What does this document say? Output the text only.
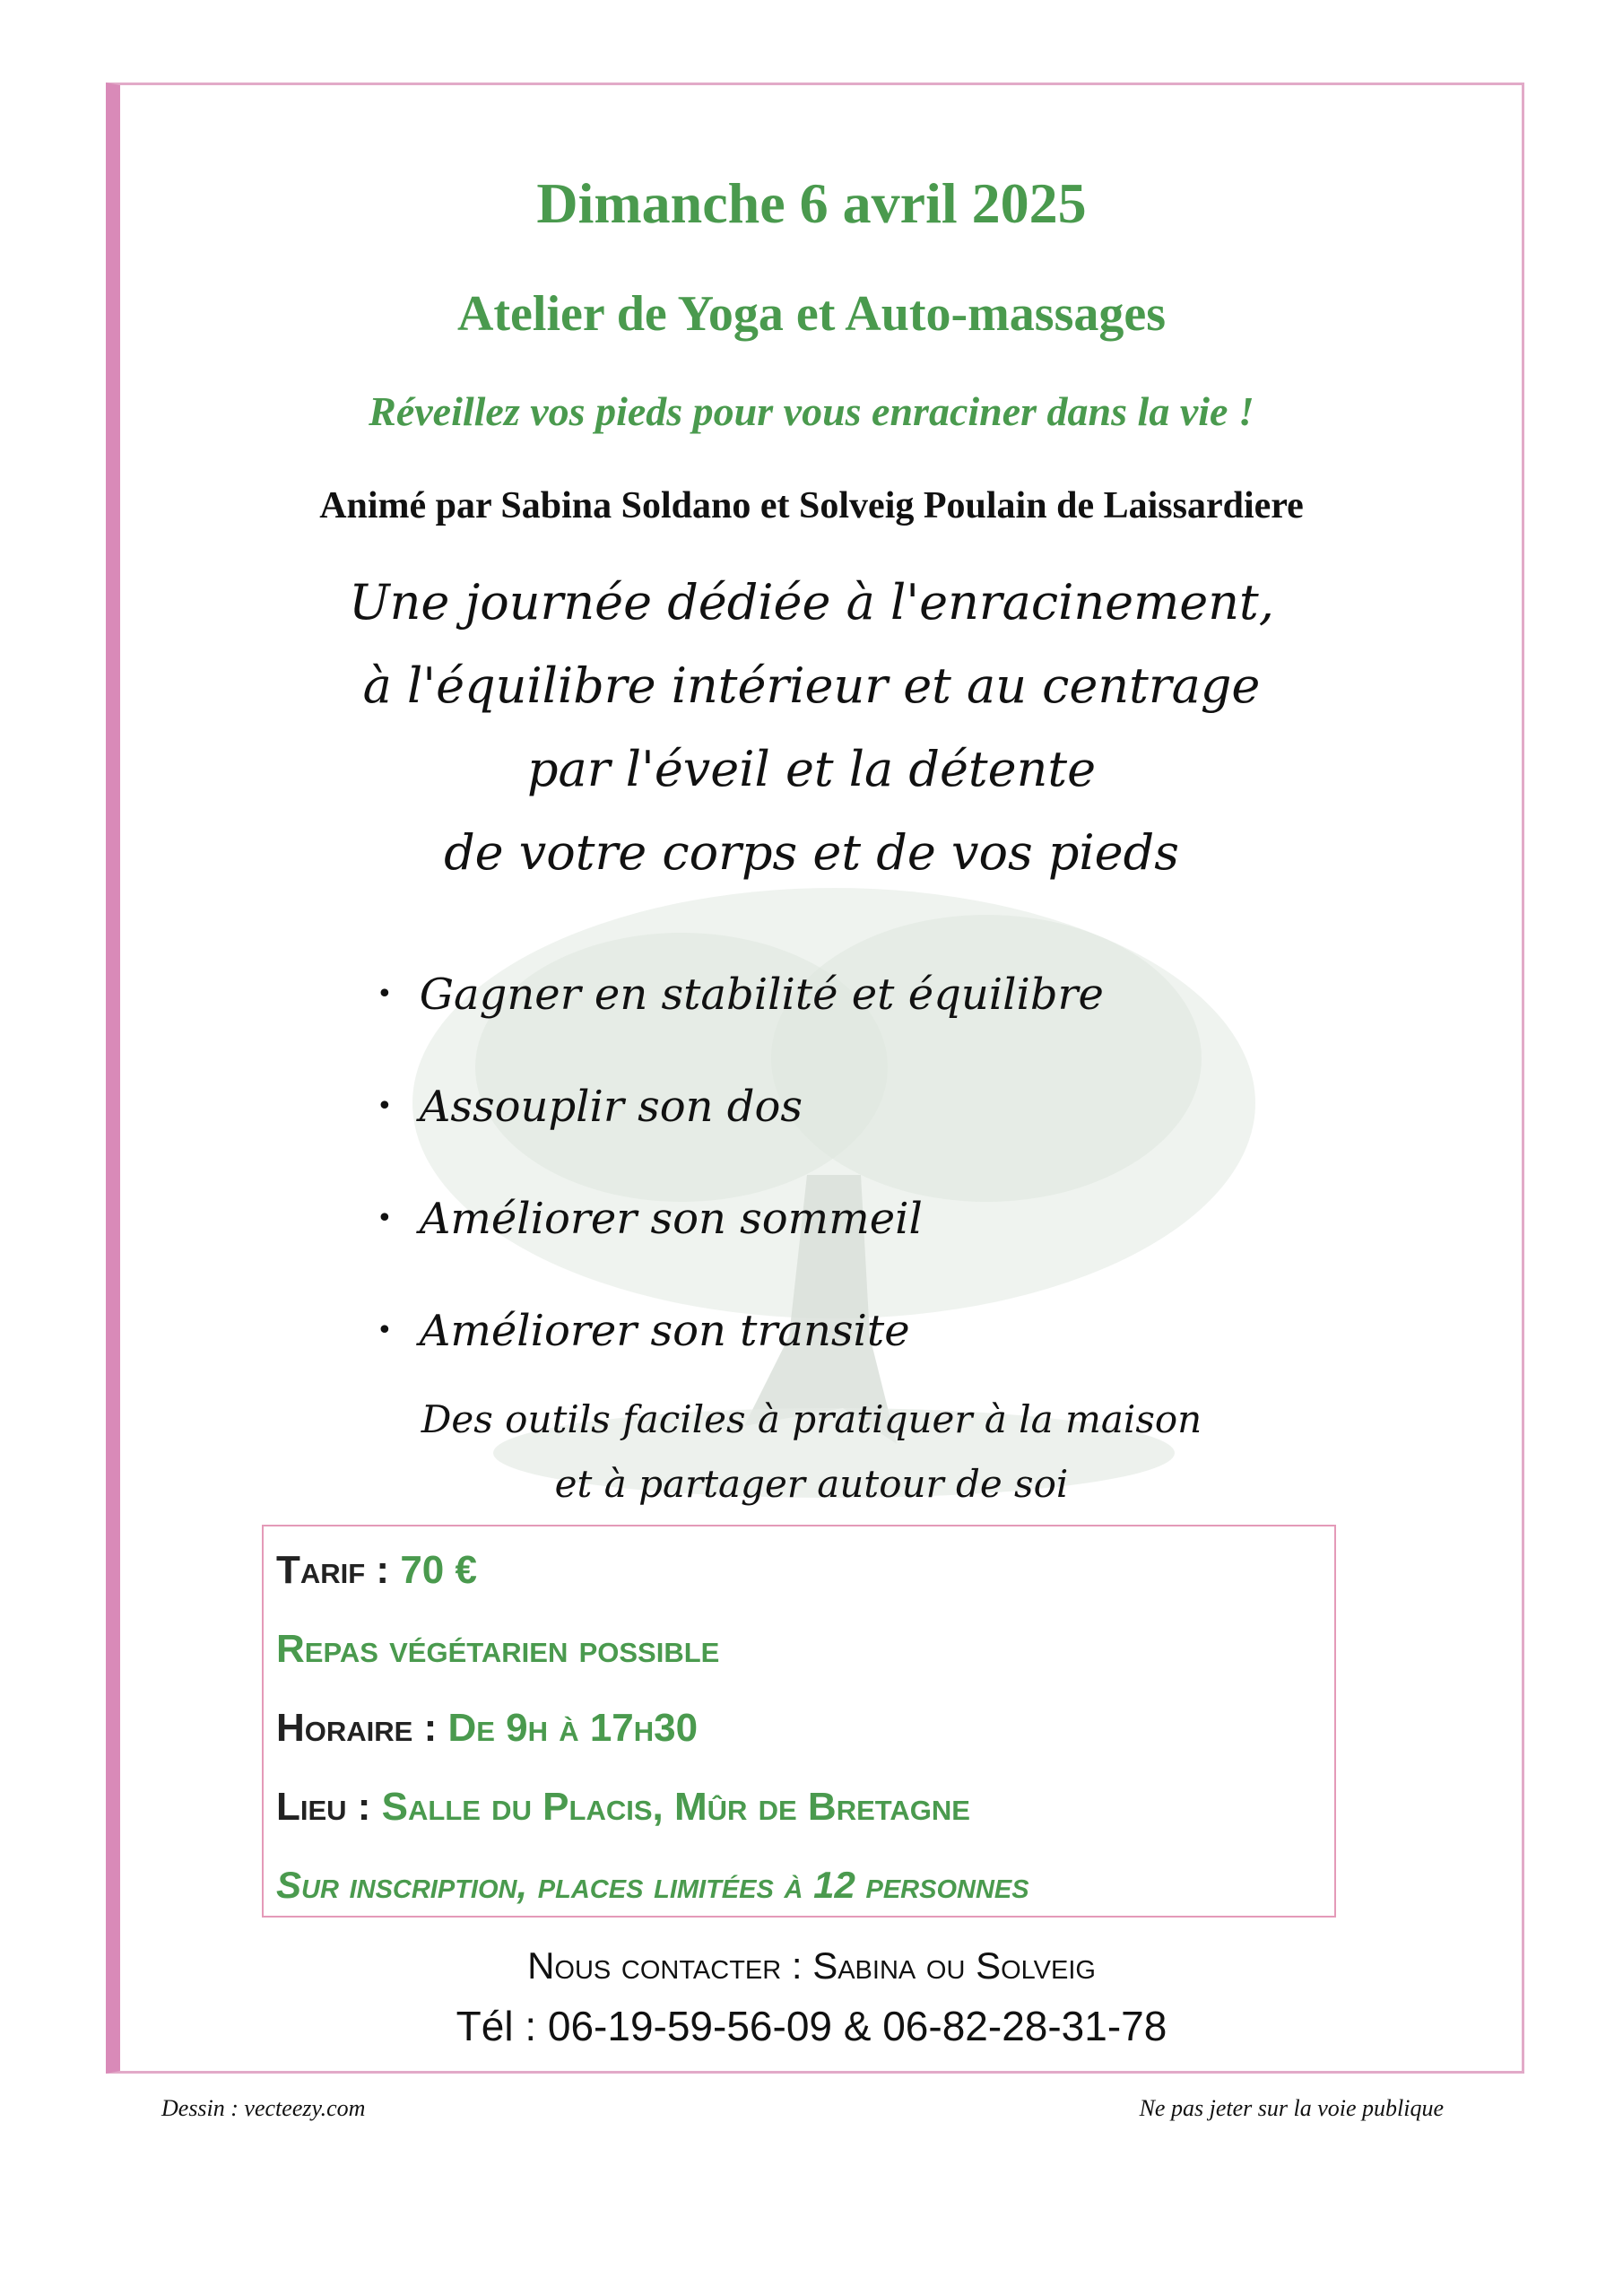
Dimanche 6 avril 2025
Atelier de Yoga et Auto-massages
Réveillez vos pieds pour vous enraciner dans la vie !
Animé par Sabina Soldano et Solveig Poulain de Laissardiere
Une journée dédiée à l'enracinement,
à l'équilibre intérieur et au centrage
par l'éveil et la détente
de votre corps et de vos pieds
• Gagner en stabilité et équilibre
• Assouplir son dos
• Améliorer son sommeil
• Améliorer son transite
Des outils faciles à pratiquer à la maison
et à partager autour de soi
Tarif : 70 €
Repas végétarien possible
Horaire : De 9h à 17h30
Lieu : Salle du Placis, Mûr de Bretagne
Sur inscription, places limitées à 12 personnes
Nous contacter : Sabina ou Solveig
Tél : 06-19-59-56-09 & 06-82-28-31-78
Dessin : vecteezy.com	Ne pas jeter sur la voie publique
